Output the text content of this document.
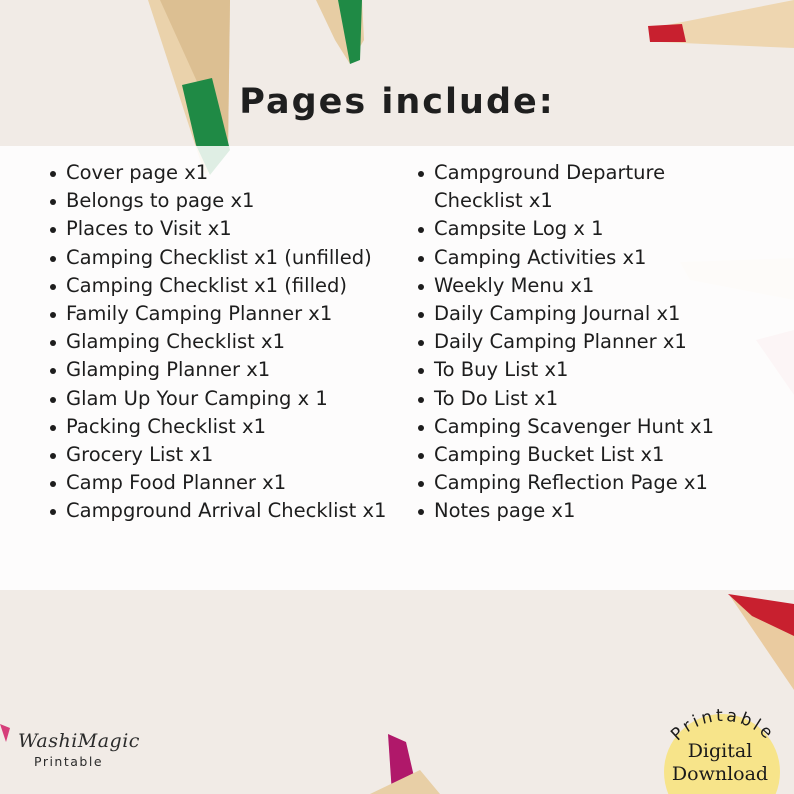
Printable
Pages include:
Cover page x1
Belongs to page x1
Places to Visit x1
Camping Checklist x1 (unfilled)
Camping Checklist x1 (filled)
Family Camping Planner x1
Glamping Checklist x1
Glamping Planner x1
Glam Up Your Camping x 1
Packing Checklist x1
Grocery List x1
Camp Food Planner x1
Campground Arrival Checklist x1
Campground Departure Checklist x1
Campsite Log x 1
Camping Activities x1
Weekly Menu x1
Daily Camping Journal x1
Daily Camping Planner x1
To Buy List x1
To Do List x1
Camping Scavenger Hunt x1
Camping Bucket List x1
Camping Reflection Page x1
Notes page x1
WashiMagic
Printable	Digital
Download
